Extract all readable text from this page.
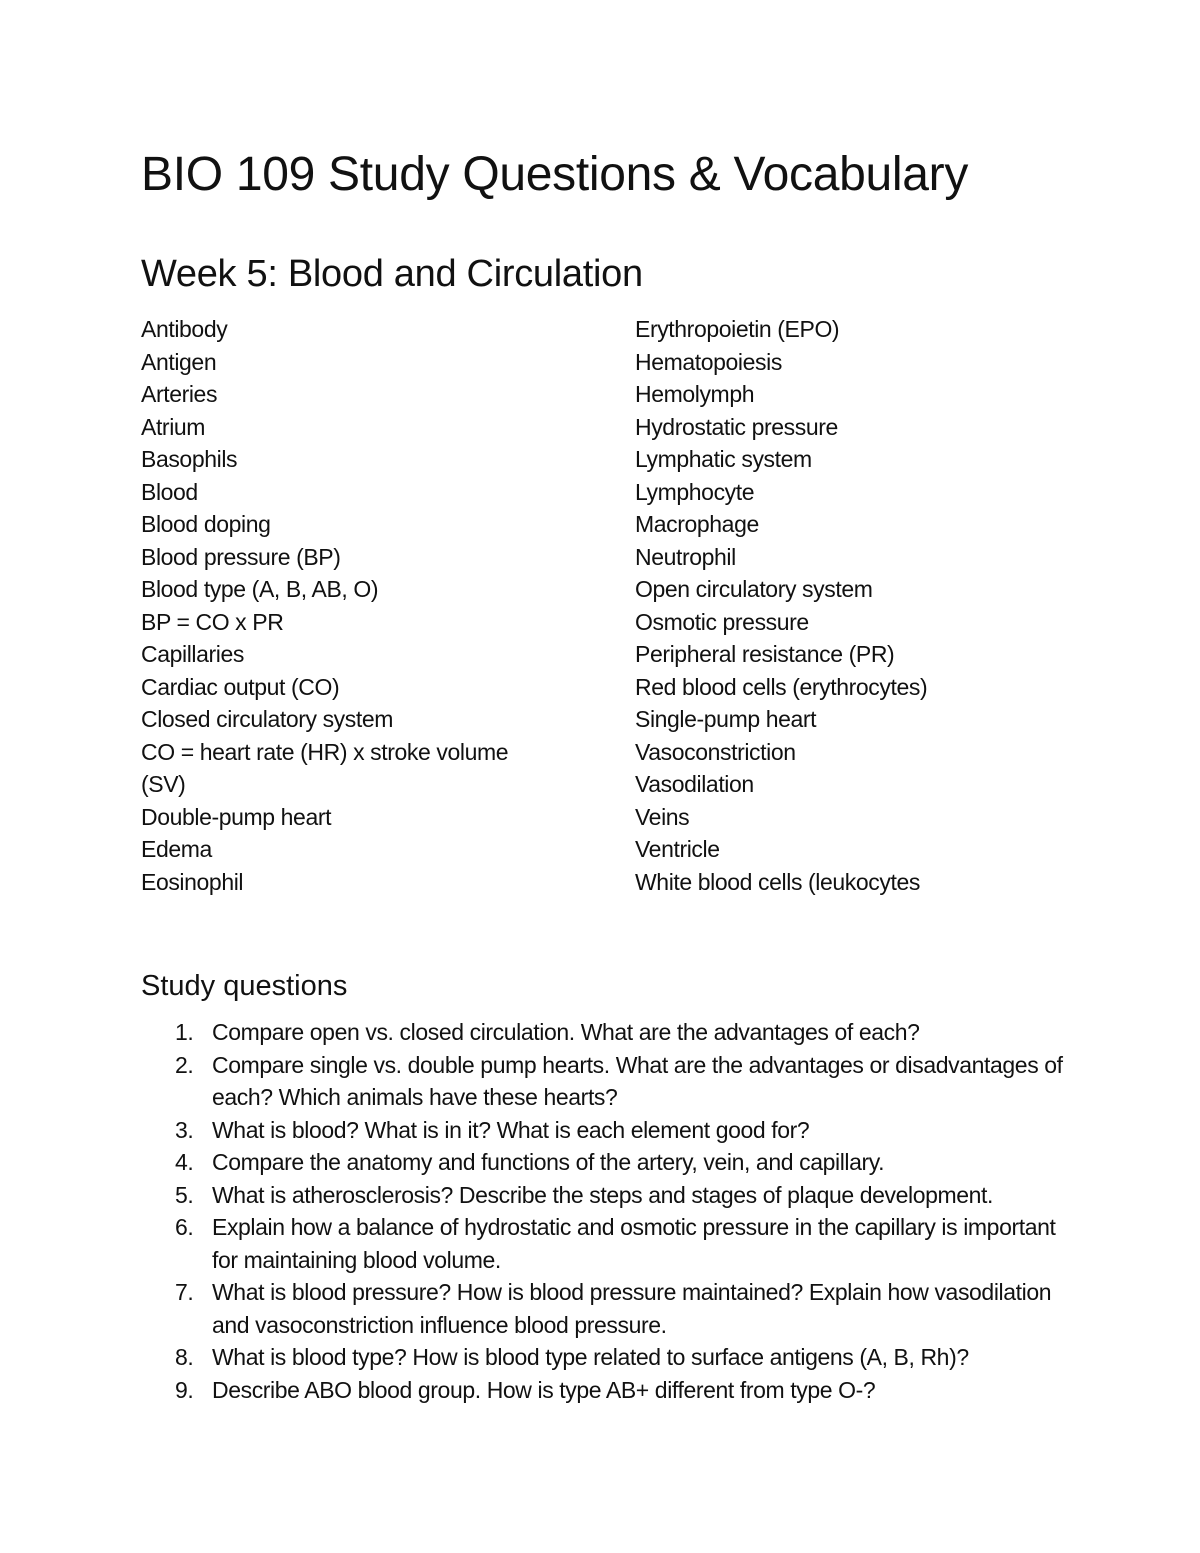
BIO 109 Study Questions & Vocabulary
Week 5: Blood and Circulation
Antibody
Antigen
Arteries
Atrium
Basophils
Blood
Blood doping
Blood pressure (BP)
Blood type (A, B, AB, O)
BP = CO x PR
Capillaries
Cardiac output (CO)
Closed circulatory system
CO = heart rate (HR) x stroke volume (SV)
Double-pump heart
Edema
Eosinophil
Erythropoietin (EPO)
Hematopoiesis
Hemolymph
Hydrostatic pressure
Lymphatic system
Lymphocyte
Macrophage
Neutrophil
Open circulatory system
Osmotic pressure
Peripheral resistance (PR)
Red blood cells (erythrocytes)
Single-pump heart
Vasoconstriction
Vasodilation
Veins
Ventricle
White blood cells (leukocytes
Study questions
1. Compare open vs. closed circulation. What are the advantages of each?
2. Compare single vs. double pump hearts. What are the advantages or disadvantages of each? Which animals have these hearts?
3. What is blood? What is in it? What is each element good for?
4. Compare the anatomy and functions of the artery, vein, and capillary.
5. What is atherosclerosis? Describe the steps and stages of plaque development.
6. Explain how a balance of hydrostatic and osmotic pressure in the capillary is important for maintaining blood volume.
7. What is blood pressure? How is blood pressure maintained? Explain how vasodilation and vasoconstriction influence blood pressure.
8. What is blood type? How is blood type related to surface antigens (A, B, Rh)?
9. Describe ABO blood group. How is type AB+ different from type O-?
